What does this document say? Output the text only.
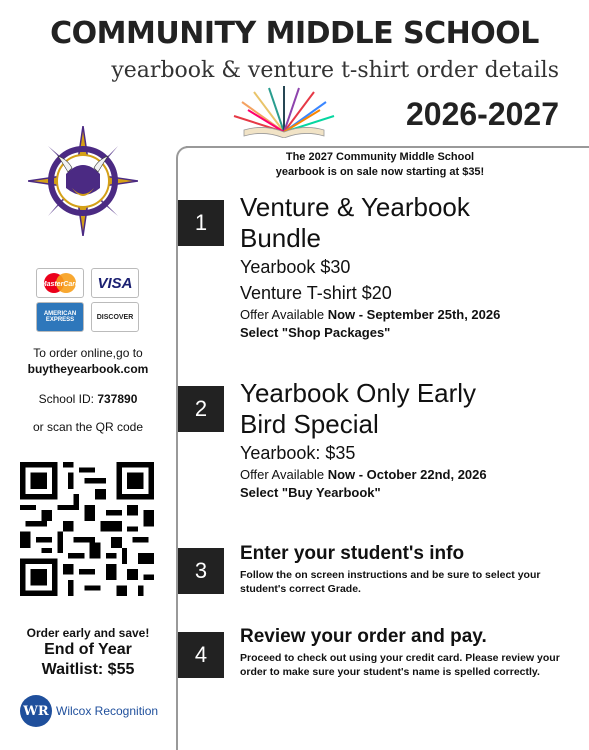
COMMUNITY MIDDLE SCHOOL
yearbook & venture t-shirt order details
2026-2027
MasterCard	VISA
AMERICAN EXPRESS	DISCOVER
To order online,go to
buytheyearbook.com
School ID: 737890
or scan the QR code
Order early and save!
End of Year
Waitlist: $55
WR Wilcox Recognition
The 2027 Community Middle School
yearbook is on sale now starting at $35!
1
Venture & Yearbook
Bundle
Yearbook $30
Venture T-shirt $20
Offer Available Now - September 25th, 2026
Select "Shop Packages"
2
Yearbook Only Early
Bird Special
Yearbook: $35
Offer Available Now - October 22nd, 2026
Select "Buy Yearbook"
3
Enter your student's info
Follow the on screen instructions and be sure to select your student's correct Grade.
4
Review your order and pay.
Proceed to check out using your credit card. Please review your order to make sure your student's name is spelled correctly.
